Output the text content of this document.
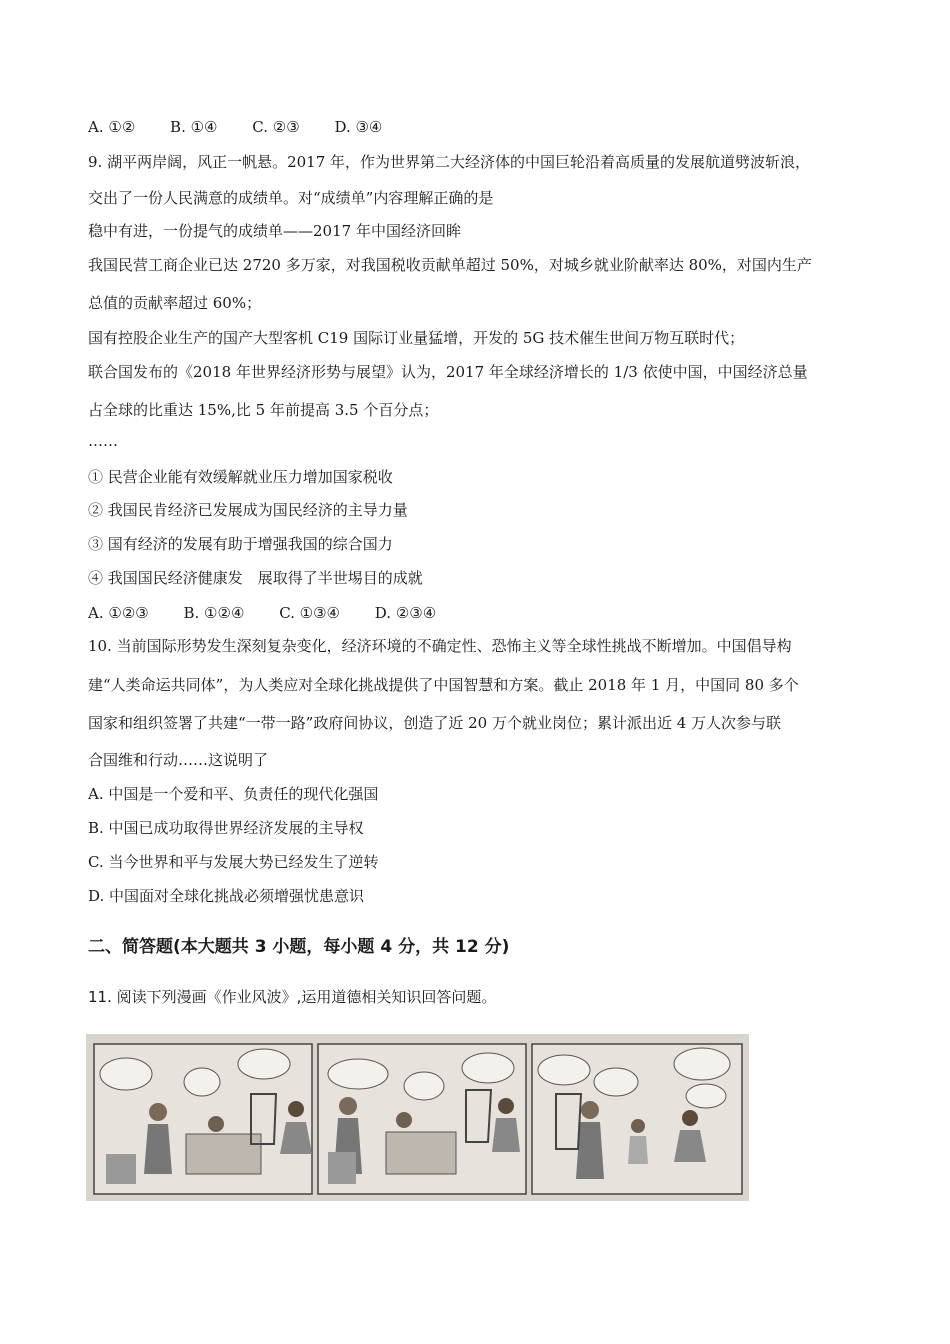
A. ①② B. ①④ C. ②③ D. ③④
9. 湖平两岸阔，风正一帆悬。2017 年，作为世界第二大经济体的中国巨轮沿着高质量的发展航道劈波斩浪，
交出了一份人民满意的成绩单。对“成绩单”内容理解正确的是
稳中有进，一份提气的成绩单——2017 年中国经济回眸
我国民营工商企业已达 2720 多万家，对我国税收贡献单超过 50%，对城乡就业阶献率达 80%，对国内生产
总值的贡献率超过 60%；
国有控股企业生产的国产大型客机 C19 国际订业量猛增，开发的 5G 技术催生世间万物互联时代；
联合国发布的《2018 年世界经济形势与展望》认为，2017 年全球经济增长的 1/3 依使中国，中国经济总量
占全球的比重达 15%,比 5 年前提高 3.5 个百分点；
……
① 民营企业能有效缓解就业压力增加国家税收
② 我国民肯经济已发展成为国民经济的主导力量
③ 国有经济的发展有助于增强我国的综合国力
④ 我国国民经济健康发　展取得了半世埸目的成就
A. ①②③ B. ①②④ C. ①③④ D. ②③④
10. 当前国际形势发生深刻复杂变化，经济环境的不确定性、恐怖主义等全球性挑战不断增加。中国倡导构
建“人类命运共同体”，为人类应对全球化挑战提供了中国智慧和方案。截止 2018 年 1 月，中国同 80 多个
国家和组织签署了共建“一带一路”政府间协议，创造了近 20 万个就业岗位；累计派出近 4 万人次参与联
合国维和行动……这说明了
A. 中国是一个爱和平、负责任的现代化强国
B. 中国已成功取得世界经济发展的主导权
C. 当今世界和平与发展大势已经发生了逆转
D. 中国面对全球化挑战必须增强忧患意识
二、简答题(本大题共 3 小题，每小题 4 分，共 12 分)
11. 阅读下列漫画《作业风波》,运用道德相关知识回答问题。
